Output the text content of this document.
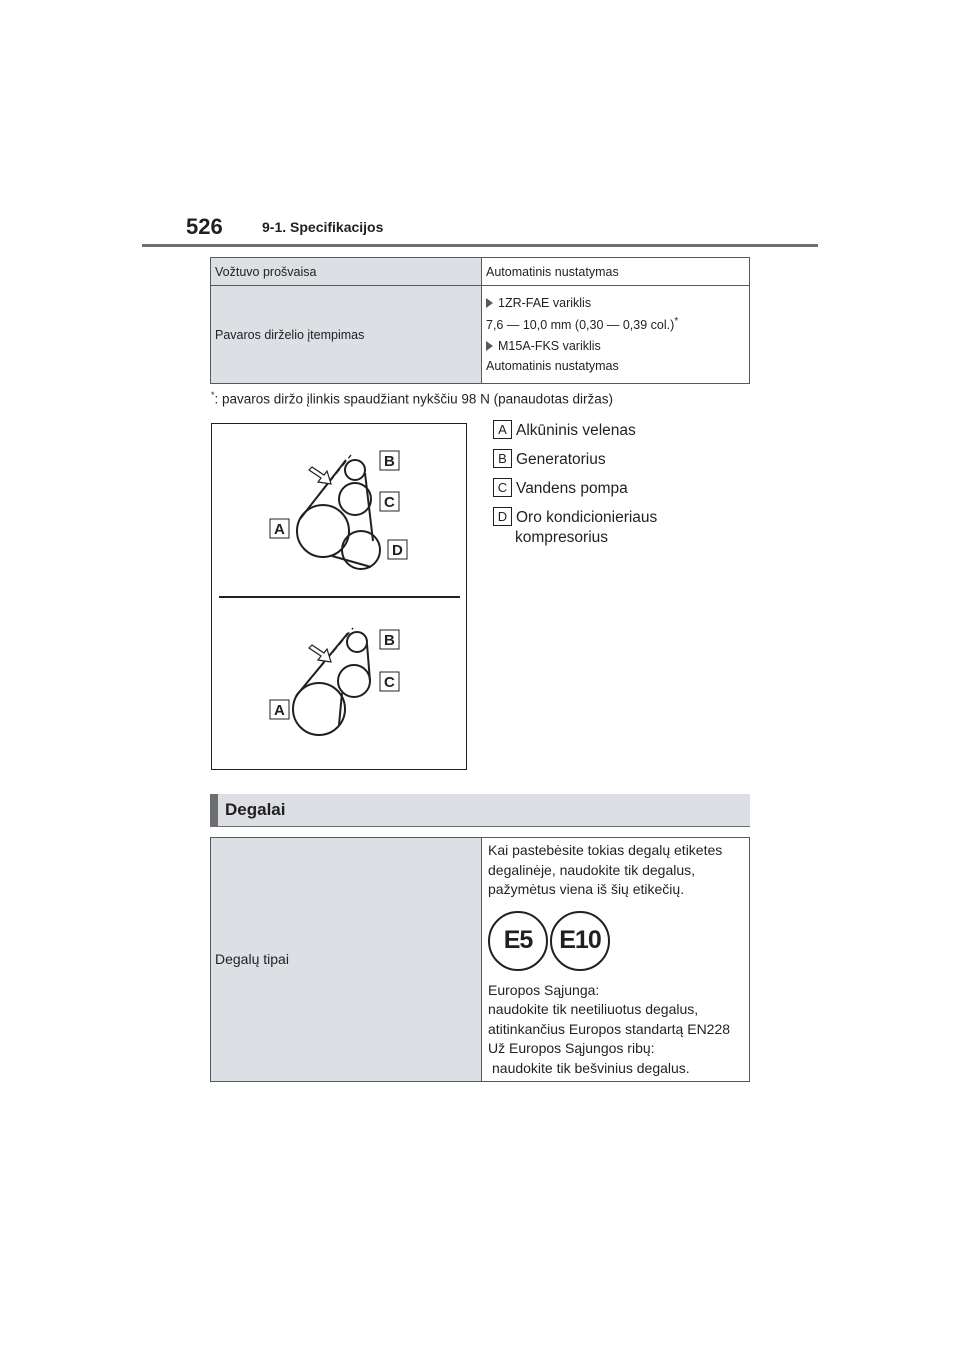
526	9-1. Specifikacijos
Vožtuvo prošvaisa	Automatinis nustatymas
Pavaros dirželio įtempimas	1ZR-FAE variklis
7,6 — 10,0 mm (0,30 — 0,39 col.)*
M15A-FKS variklis
Automatinis nustatymas
*: pavaros diržo įlinkis spaudžiant nykščiu 98 N (panaudotas diržas)
B
C
A
D
B
C
A
A Alkūninis velenas
B Generatorius
C Vandens pompa
D Oro kondicionieriaus
kompresorius
Degalai
Degalų tipai	
Kai pastebėsite tokias degalų etiketes
degalinėje, naudokite tik degalus,
pažymėtus viena iš šių etikečių.
E5	E10
Europos Sąjunga:
naudokite tik neetiliuotus degalus,
atitinkančius Europos standartą EN228
Už Europos Sąjungos ribų:
naudokite tik bešvinius degalus.
